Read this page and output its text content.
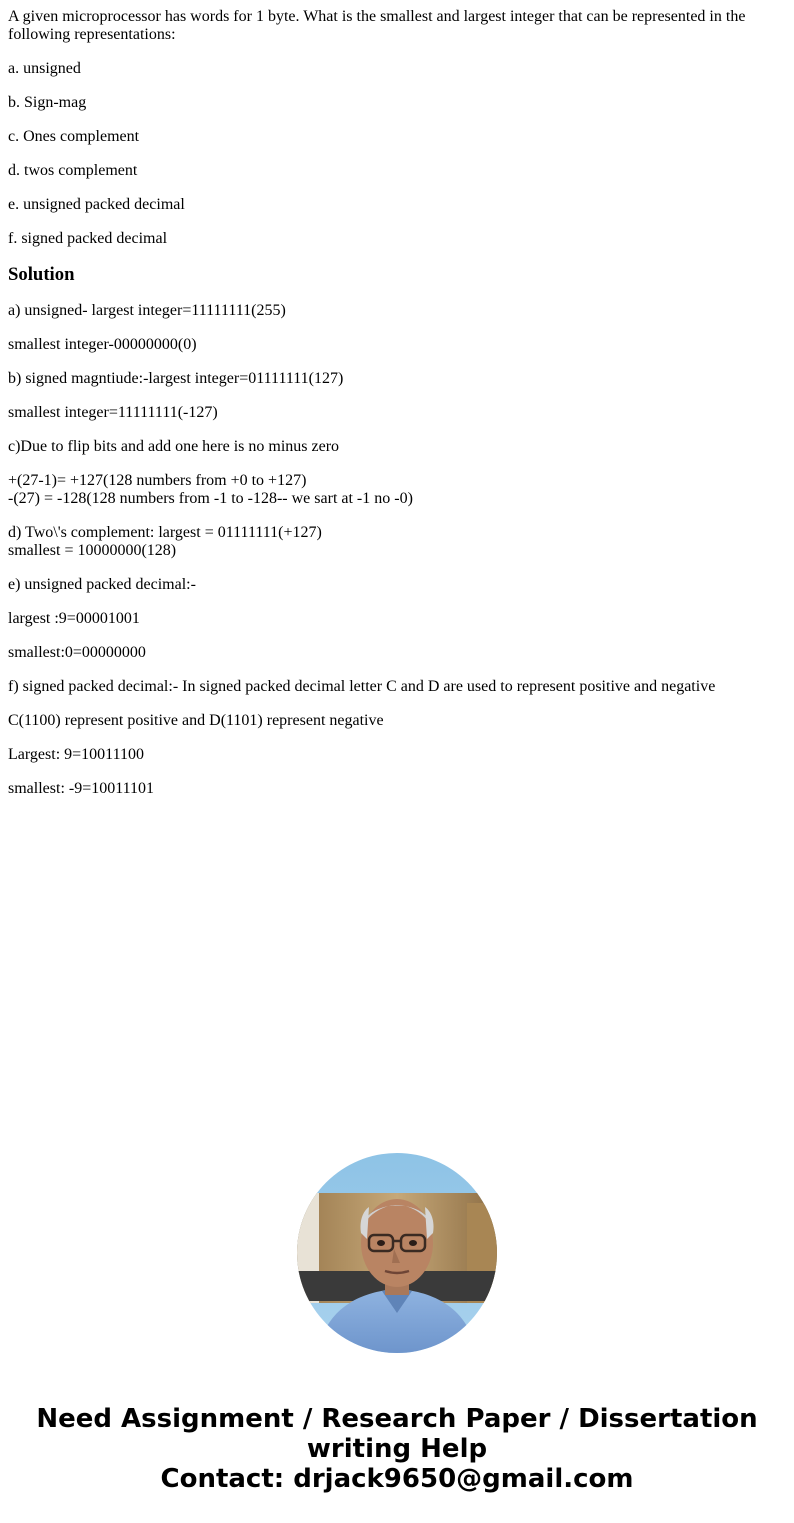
A given microprocessor has words for 1 byte. What is the smallest and largest integer that can be represented in the following representations:

a. unsigned

b. Sign-mag

c. Ones complement

d. twos complement

e. unsigned packed decimal

f. signed packed decimal

Solution

a) unsigned- largest integer=11111111(255)

smallest integer-00000000(0)

b) signed magntiude:-largest integer=01111111(127)

smallest integer=11111111(-127)

c)Due to flip bits and add one here is no minus zero

+(27-1)= +127(128 numbers from +0 to +127)
-(27) = -128(128 numbers from -1 to -128-- we sart at -1 no -0)

d) Two\'s complement: largest = 01111111(+127)
smallest = 10000000(128)

e) unsigned packed decimal:-

largest :9=00001001

smallest:0=00000000

f) signed packed decimal:- In signed packed decimal letter C and D are used to represent positive and negative

C(1100) represent positive and D(1101) represent negative

Largest: 9=10011100

smallest: -9=10011101

Need Assignment / Research Paper / Dissertation
writing Help
Contact: drjack9650@gmail.com
